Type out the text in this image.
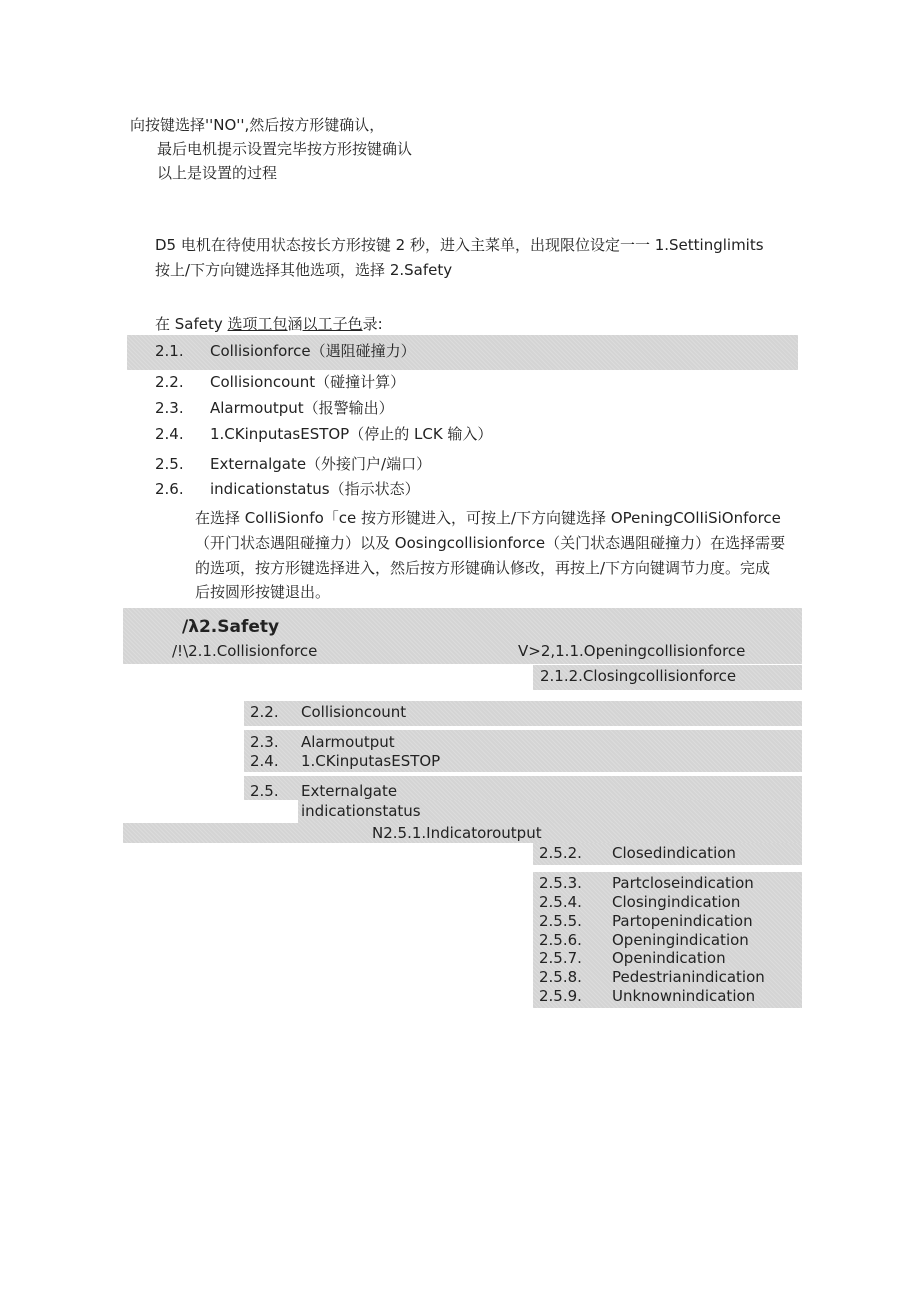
向按键选择''NO'',然后按方形键确认，
最后电机提示设置完毕按方形按键确认
以上是设置的过程
D5 电机在待使用状态按长方形按键 2 秒，进入主菜单，出现限位设定一一 1.Settinglimits
按上/下方向键选择其他选项，选择 2.Safety
在 Safety 选项工包涵以工子色录:
2.1. Collisionforce（遇阻碰撞力）
2.2. Collisioncount（碰撞计算）
2.3. Alarmoutput（报警输出）
2.4. 1.CKinputasESTOP（停止的 LCK 输入）
2.5. Externalgate（外接门户/端口）
2.6. indicationstatus（指示状态）
在选择 ColliSionfo「ce 按方形键进入，可按上/下方向键选择 OPeningCOlIiSiOnforce
（开门状态遇阻碰撞力）以及 Oosingcollisionforce（关门状态遇阻碰撞力）在选择需要
的选项，按方形键选择进入，然后按方形键确认修改，再按上/下方向键调节力度。完成
后按圆形按键退出。
/λ2.Safety
/!\2.1.Collisionforce	V>2,1.1.Openingcollisionforce
2.1.2.Closingcollisionforce
2.2. Collisioncount
2.3. Alarmoutput
2.4. 1.CKinputasESTOP
2.5. Externalgate
indicationstatus
N2.5.1.Indicatoroutput
2.5.2. Closedindication
2.5.3. Partcloseindication
2.5.4. Closingindication
2.5.5. Partopenindication
2.5.6. Openingindication
2.5.7. Openindication
2.5.8. Pedestrianindication
2.5.9. Unknownindication
